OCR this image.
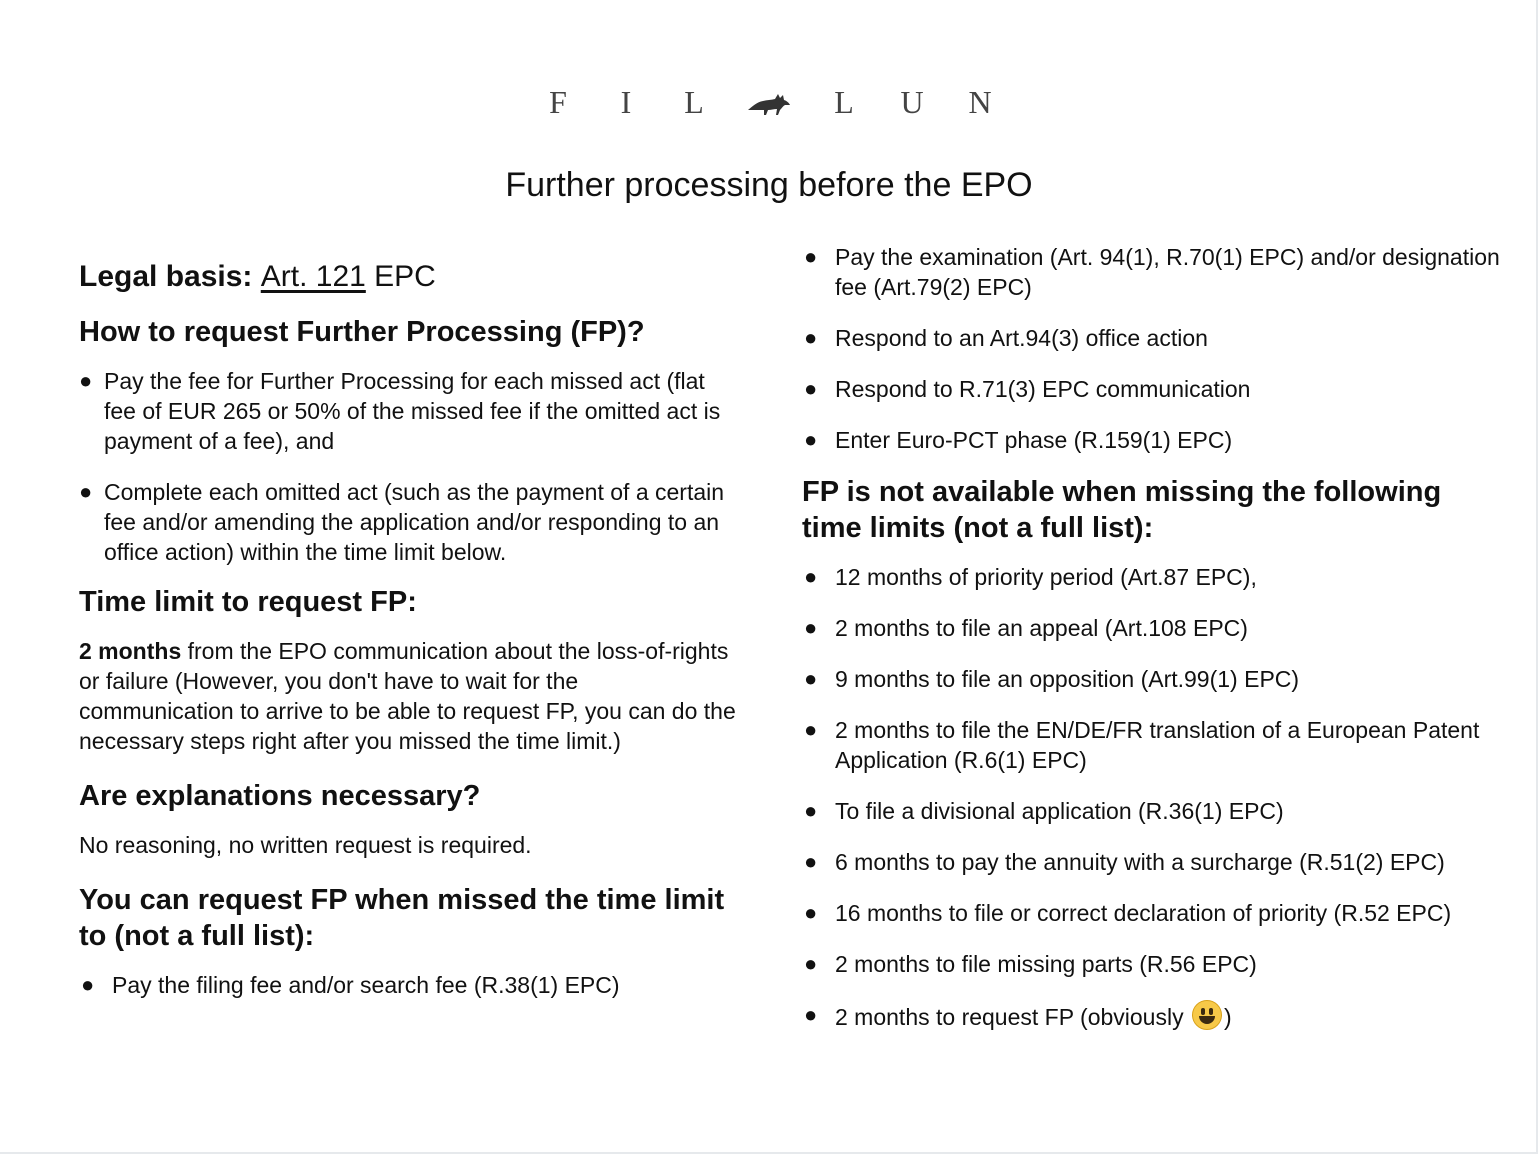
F	I	L	L U N
Further processing before the EPO
Legal basis: Art. 121 EPC
How to request Further Processing (FP)?
● Pay the fee for Further Processing for each missed act (flat fee of EUR 265 or 50% of the missed fee if the omitted act is payment of a fee), and
● Complete each omitted act (such as the payment of a certain fee and/or amending the application and/or responding to an office action) within the time limit below.
Time limit to request FP:

2 months from the EPO communication about the loss-of-rights or failure (However, you don't have to wait for the communication to arrive to be able to request FP, you can do the necessary steps right after you missed the time limit.)

Are explanations necessary?

No reasoning, no written request is required.

You can request FP when missed the time limit to (not a full list):
● Pay the filing fee and/or search fee (R.38(1) EPC)
● Pay the examination (Art. 94(1), R.70(1) EPC) and/or designation fee (Art.79(2) EPC)
● Respond to an Art.94(3) office action
● Respond to R.71(3) EPC communication
● Enter Euro-PCT phase (R.159(1) EPC)
FP is not available when missing the following time limits (not a full list):
● 12 months of priority period (Art.87 EPC),
● 2 months to file an appeal (Art.108 EPC)
● 9 months to file an opposition (Art.99(1) EPC)
● 2 months to file the EN/DE/FR translation of a European Patent Application (R.6(1) EPC)
● To file a divisional application (R.36(1) EPC)
● 6 months to pay the annuity with a surcharge (R.51(2) EPC)
● 16 months to file or correct declaration of priority (R.52 EPC)
● 2 months to file missing parts (R.56 EPC)
● 2 months to request FP (obviously
)
